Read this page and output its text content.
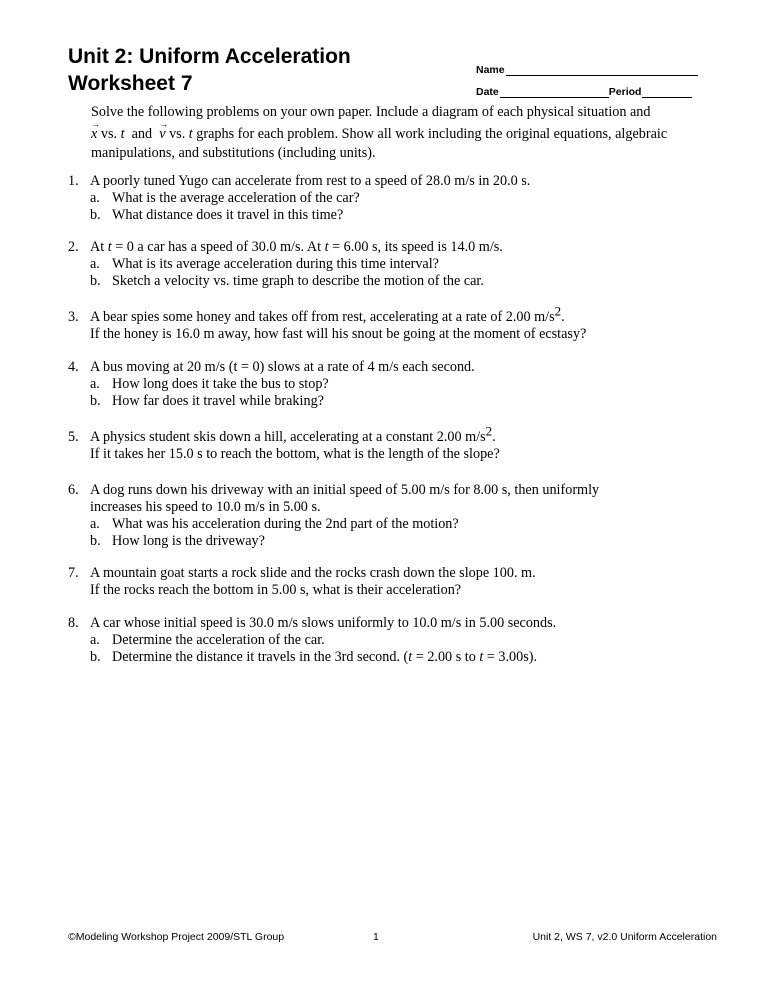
Unit 2: Uniform Acceleration
Worksheet 7
Name
Date	Period
Solve the following problems on your own paper. Include a diagram of each physical situation and
→ x vs. t  and  → v vs. t graphs for each problem. Show all work including the original equations, algebraic
manipulations, and substitutions (including units).
1. A poorly tuned Yugo can accelerate from rest to a speed of 28.0 m/s in 20.0 s.
a. What is the average acceleration of the car?
b. What distance does it travel in this time?
2. At t = 0 a car has a speed of 30.0 m/s. At t = 6.00 s, its speed is 14.0 m/s.
a. What is its average acceleration during this time interval?
b. Sketch a velocity vs. time graph to describe the motion of the car.
3. A bear spies some honey and takes off from rest, accelerating at a rate of 2.00 $m/s^2$.
If the honey is 16.0 m away, how fast will his snout be going at the moment of ecstasy?
4. A bus moving at 20 m/s (t = 0) slows at a rate of 4 m/s each second.
a. How long does it take the bus to stop?
b. How far does it travel while braking?
5. A physics student skis down a hill, accelerating at a constant 2.00 $m/s^2$.
If it takes her 15.0 s to reach the bottom, what is the length of the slope?
6. A dog runs down his driveway with an initial speed of 5.00 m/s for 8.00 s, then uniformly
increases his speed to 10.0 m/s in 5.00 s.
a. What was his acceleration during the 2nd part of the motion?
b. How long is the driveway?
7. A mountain goat starts a rock slide and the rocks crash down the slope 100. m.
If the rocks reach the bottom in 5.00 s, what is their acceleration?
8. A car whose initial speed is 30.0 m/s slows uniformly to 10.0 m/s in 5.00 seconds.
a. Determine the acceleration of the car.
b. Determine the distance it travels in the 3rd second. (t = 2.00 s to t = 3.00s).
©Modeling Workshop Project 2009/STL Group	1	Unit 2, WS 7, v2.0 Uniform Acceleration
